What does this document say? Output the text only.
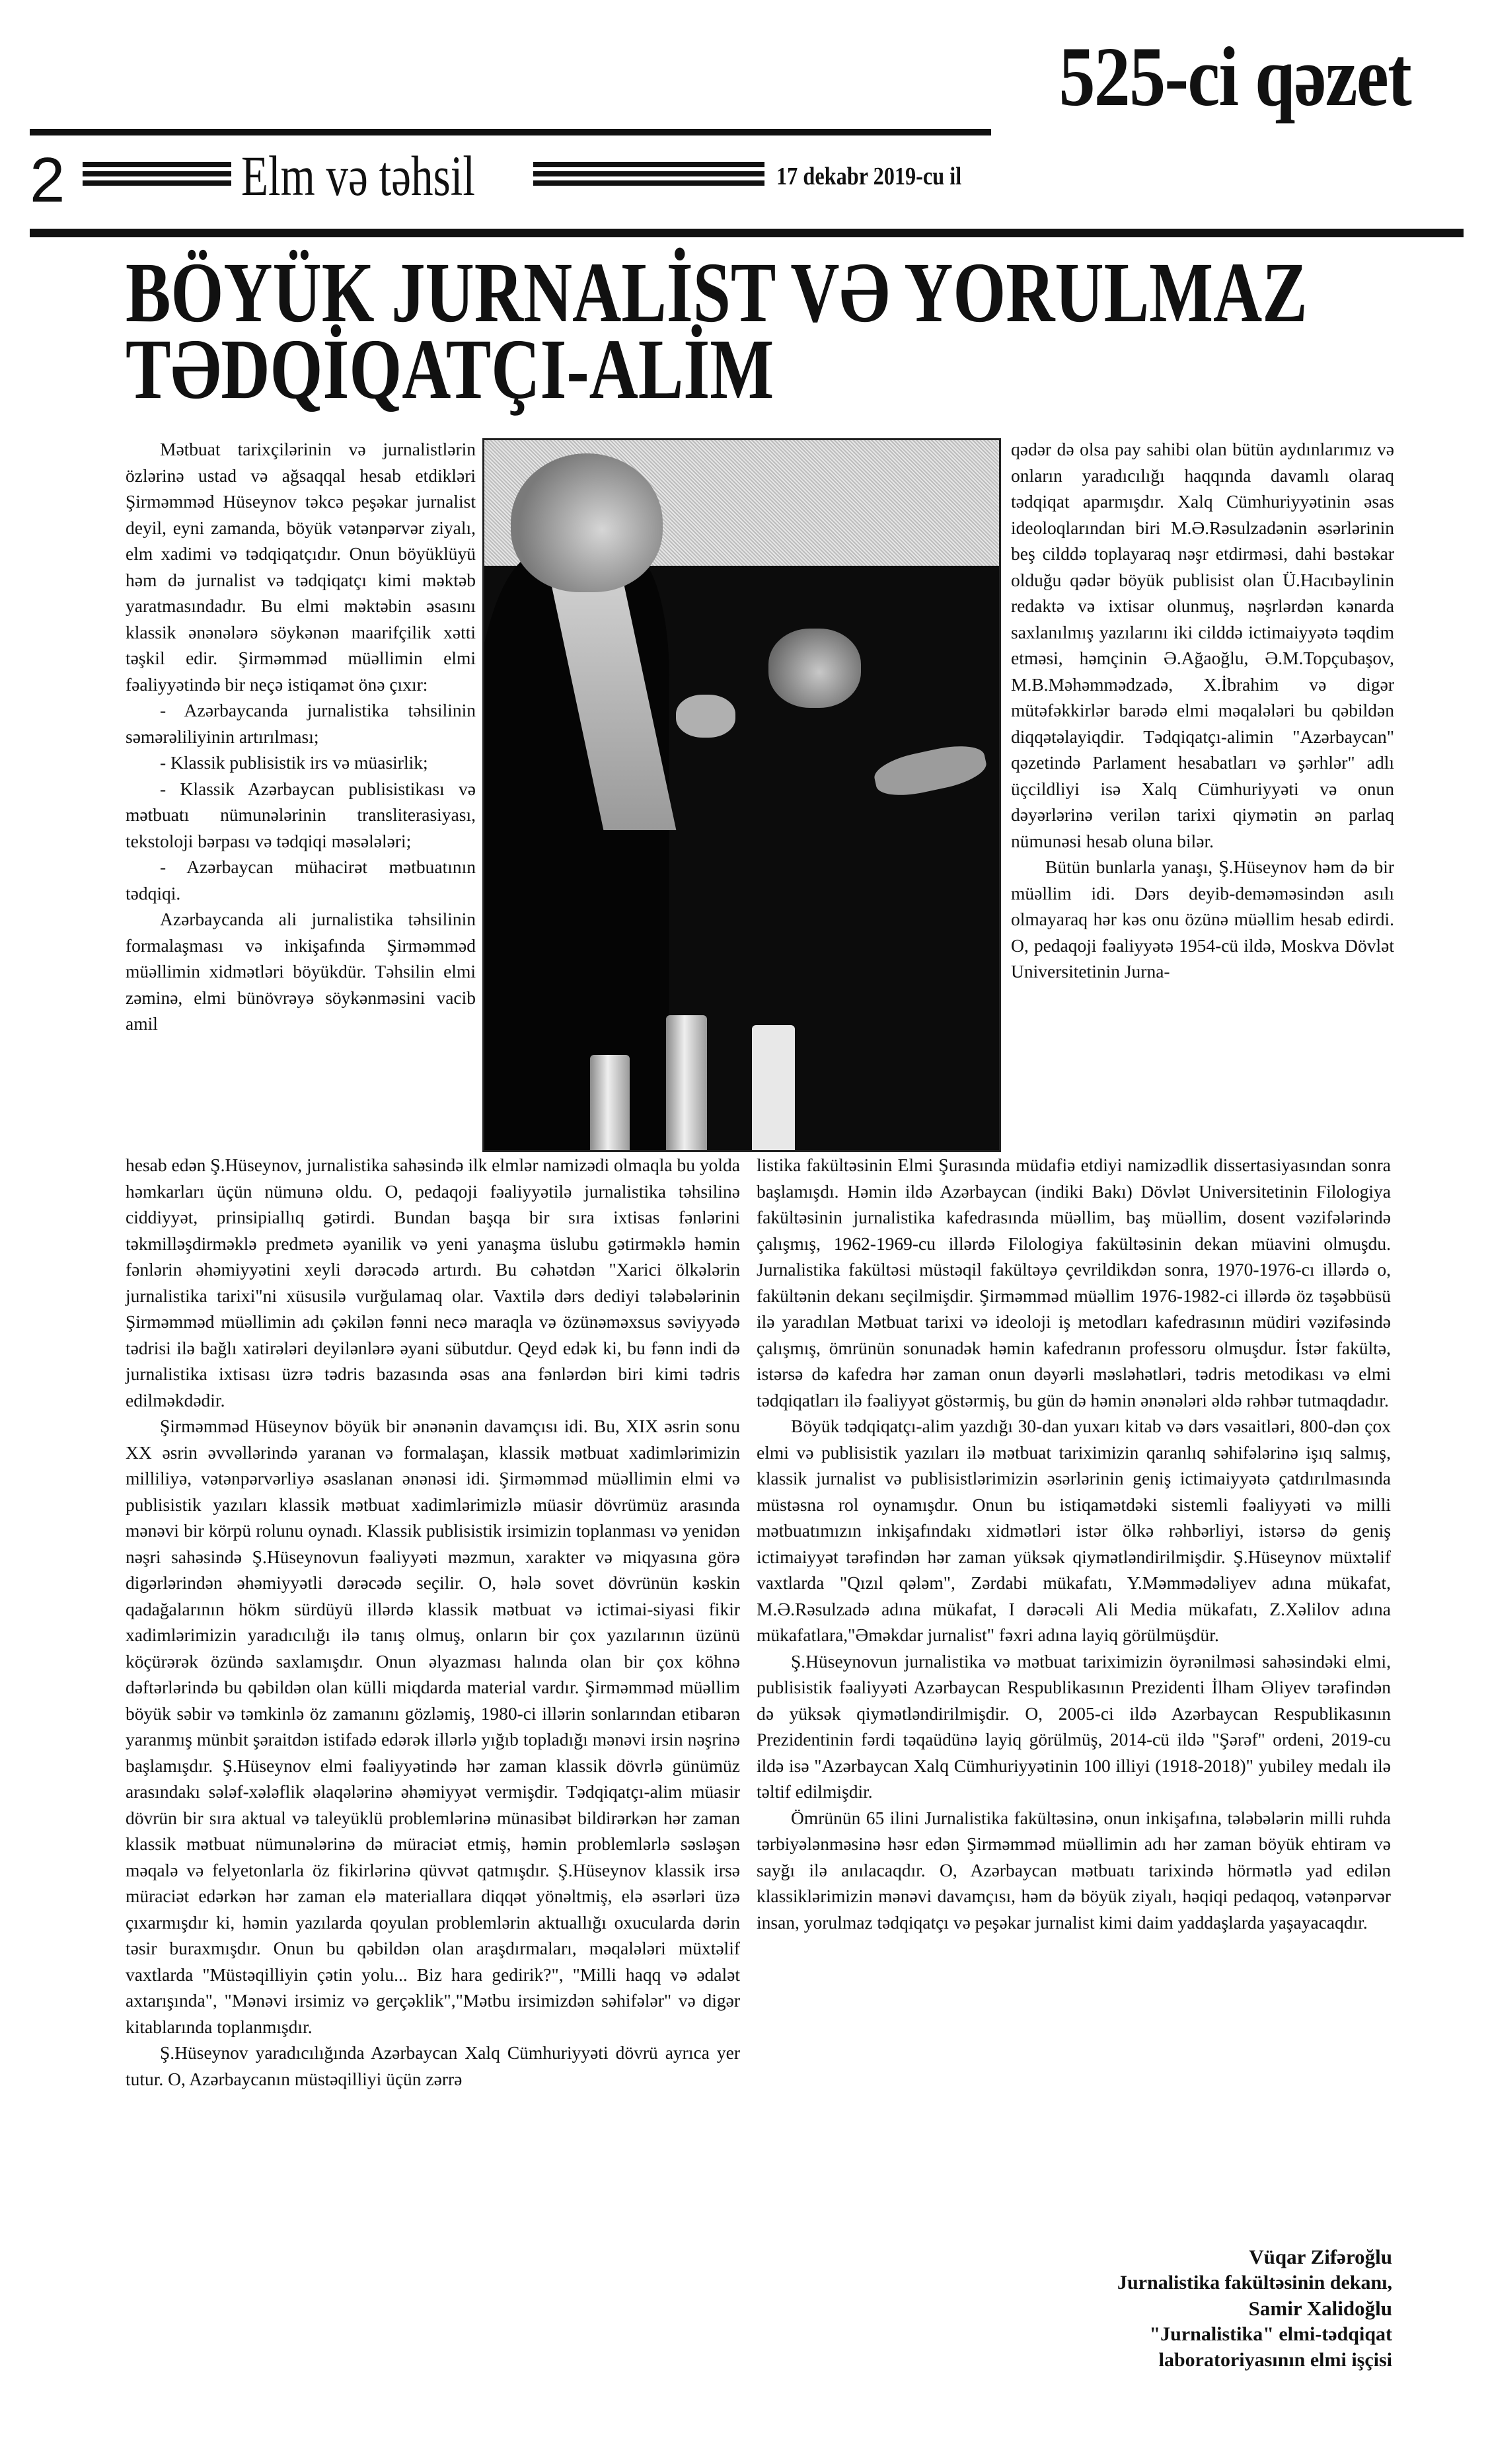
525-ci qəzet
2	Elm və təhsil	17 dekabr 2019-cu il
BÖYÜK JURNALİST VƏ YORULMAZ
TƏDQİQATÇI-ALİM

Mətbuat tarixçilərinin və jurnalistlərin özlərinə ustad və ağsaqqal hesab etdikləri Şirməmməd Hüseynov təkcə peşəkar jurnalist deyil, eyni zamanda, böyük vətənpərvər ziyalı, elm xadimi və tədqiqatçıdır. Onun böyüklüyü həm də jurnalist və tədqiqatçı kimi məktəb yaratmasındadır. Bu elmi məktəbin əsasını klassik ənənələrə söykənən maarifçilik xətti təşkil edir. Şirməmməd müəllimin elmi fəaliyyətində bir neçə istiqamət önə çıxır:

- Azərbaycanda jurnalistika təhsilinin səmərəliliyinin artırılması;

- Klassik publisistik irs və müasirlik;

- Klassik Azərbaycan publisistikası və mətbuatı nümunələrinin transliterasiyası, tekstoloji bərpası və tədqiqi məsələləri;

- Azərbaycan mühacirət mətbuatının tədqiqi.

Azərbaycanda ali jurnalistika təhsilinin formalaşması və inkişafında Şirməmməd müəllimin xidmətləri böyükdür. Təhsilin elmi zəminə, elmi bünövrəyə söykənməsini vacib amil

qədər də olsa pay sahibi olan bütün aydınlarımız və onların yaradıcılığı haqqında davamlı olaraq tədqiqat aparmışdır. Xalq Cümhuriyyətinin əsas ideoloqlarından biri M.Ə.Rəsulzadənin əsərlərinin beş cilddə toplayaraq nəşr etdirməsi, dahi bəstəkar olduğu qədər böyük publisist olan Ü.Hacıbəylinin redaktə və ixtisar olunmuş, nəşrlərdən kənarda saxlanılmış yazılarını iki cilddə ictimaiyyətə təqdim etməsi, həmçinin Ə.Ağaoğlu, Ə.M.Topçubaşov, M.B.Məhəmmədzadə, X.İbrahim və digər mütəfəkkirlər barədə elmi məqalələri bu qəbildən diqqətəlayiqdir. Tədqiqatçı-alimin "Azərbaycan" qəzetində Parlament hesabatları və şərhlər" adlı üçcildliyi isə Xalq Cümhuriyyəti və onun dəyərlərinə verilən tarixi qiymətin ən parlaq nümunəsi hesab oluna bilər.

Bütün bunlarla yanaşı, Ş.Hüseynov həm də bir müəllim idi. Dərs deyib-deməməsindən asılı olmayaraq hər kəs onu özünə müəllim hesab edirdi. O, pedaqoji fəaliyyətə 1954-cü ildə, Moskva Dövlət Universitetinin Jurna-

hesab edən Ş.Hüseynov, jurnalistika sahəsində ilk elmlər namizədi olmaqla bu yolda həmkarları üçün nümunə oldu. O, pedaqoji fəaliyyətilə jurnalistika təhsilinə ciddiyyət, prinsipiallıq gətirdi. Bundan başqa bir sıra ixtisas fənlərini təkmilləşdirməklə predmetə əyanilik və yeni yanaşma üslubu gətirməklə həmin fənlərin əhəmiyyətini xeyli dərəcədə artırdı. Bu cəhətdən "Xarici ölkələrin jurnalistika tarixi"ni xüsusilə vurğulamaq olar. Vaxtilə dərs dediyi tələbələrinin Şirməmməd müəllimin adı çəkilən fənni necə maraqla və özünəməxsus səviyyədə tədrisi ilə bağlı xatirələri deyilənlərə əyani sübutdur. Qeyd edək ki, bu fənn indi də jurnalistika ixtisası üzrə tədris bazasında əsas ana fənlərdən biri kimi tədris edilməkdədir.

Şirməmməd Hüseynov böyük bir ənənənin davamçısı idi. Bu, XIX əsrin sonu XX əsrin əvvəllərində yaranan və formalaşan, klassik mətbuat xadimlərimizin milliliyə, vətənpərvərliyə əsaslanan ənənəsi idi. Şirməmməd müəllimin elmi və publisistik yazıları klassik mətbuat xadimlərimizlə müasir dövrümüz arasında mənəvi bir körpü rolunu oynadı. Klassik publisistik irsimizin toplanması və yenidən nəşri sahəsində Ş.Hüseynovun fəaliyyəti məzmun, xarakter və miqyasına görə digərlərindən əhəmiyyətli dərəcədə seçilir. O, hələ sovet dövrünün kəskin qadağalarının hökm sürdüyü illərdə klassik mətbuat və ictimai-siyasi fikir xadimlərimizin yaradıcılığı ilə tanış olmuş, onların bir çox yazılarının üzünü köçürərək özündə saxlamışdır. Onun əlyazması halında olan bir çox köhnə dəftərlərində bu qəbildən olan külli miqdarda material vardır. Şirməmməd müəllim böyük səbir və təmkinlə öz zamanını gözləmiş, 1980-ci illərin sonlarından etibarən yaranmış münbit şəraitdən istifadə edərək illərlə yığıb topladığı mənəvi irsin nəşrinə başlamışdır. Ş.Hüseynov elmi fəaliyyətində hər zaman klassik dövrlə günümüz arasındakı sələf-xələflik əlaqələrinə əhəmiyyət vermişdir. Tədqiqatçı-alim müasir dövrün bir sıra aktual və taleyüklü problemlərinə münasibət bildirərkən hər zaman klassik mətbuat nümunələrinə də müraciət etmiş, həmin problemlərlə səsləşən məqalə və felyetonlarla öz fikirlərinə qüvvət qatmışdır. Ş.Hüseynov klassik irsə müraciət edərkən hər zaman elə materiallara diqqət yönəltmiş, elə əsərləri üzə çıxarmışdır ki, həmin yazılarda qoyulan problemlərin aktuallığı oxucularda dərin təsir buraxmışdır. Onun bu qəbildən olan araşdırmaları, məqalələri müxtəlif vaxtlarda "Müstəqilliyin çətin yolu... Biz hara gedirik?", "Milli haqq və ədalət axtarışında", "Mənəvi irsimiz və gerçəklik","Mətbu irsimizdən səhifələr" və digər kitablarında toplanmışdır.

Ş.Hüseynov yaradıcılığında Azərbaycan Xalq Cümhuriyyəti dövrü ayrıca yer tutur. O, Azərbaycanın müstəqilliyi üçün zərrə

listika fakültəsinin Elmi Şurasında müdafiə etdiyi namizədlik dissertasiyasından sonra başlamışdı. Həmin ildə Azərbaycan (indiki Bakı) Dövlət Universitetinin Filologiya fakültəsinin jurnalistika kafedrasında müəllim, baş müəllim, dosent vəzifələrində çalışmış, 1962-1969-cu illərdə Filologiya fakültəsinin dekan müavini olmuşdu. Jurnalistika fakültəsi müstəqil fakültəyə çevrildikdən sonra, 1970-1976-cı illərdə o, fakültənin dekanı seçilmişdir. Şirməmməd müəllim 1976-1982-ci illərdə öz təşəbbüsü ilə yaradılan Mətbuat tarixi və ideoloji iş metodları kafedrasının müdiri vəzifəsində çalışmış, ömrünün sonunadək həmin kafedranın professoru olmuşdur. İstər fakültə, istərsə də kafedra hər zaman onun dəyərli məsləhətləri, tədris metodikası və elmi tədqiqatları ilə fəaliyyət göstərmiş, bu gün də həmin ənənələri əldə rəhbər tutmaqdadır.

Böyük tədqiqatçı-alim yazdığı 30-dan yuxarı kitab və dərs vəsaitləri, 800-dən çox elmi və publisistik yazıları ilə mətbuat tariximizin qaranlıq səhifələrinə işıq salmış, klassik jurnalist və publisistlərimizin əsərlərinin geniş ictimaiyyətə çatdırılmasında müstəsna rol oynamışdır. Onun bu istiqamətdəki sistemli fəaliyyəti və milli mətbuatımızın inkişafındakı xidmətləri istər ölkə rəhbərliyi, istərsə də geniş ictimaiyyət tərəfindən hər zaman yüksək qiymətləndirilmişdir. Ş.Hüseynov müxtəlif vaxtlarda "Qızıl qələm", Zərdabi mükafatı, Y.Məmmədəliyev adına mükafat, M.Ə.Rəsulzadə adına mükafat, I dərəcəli Ali Media mükafatı, Z.Xəlilov adına mükafatlara,"Əməkdar jurnalist" fəxri adına layiq görülmüşdür.

Ş.Hüseynovun jurnalistika və mətbuat tariximizin öyrənilməsi sahəsindəki elmi, publisistik fəaliyyəti Azərbaycan Respublikasının Prezidenti İlham Əliyev tərəfindən də yüksək qiymətləndirilmişdir. O, 2005-ci ildə Azərbaycan Respublikasının Prezidentinin fərdi təqaüdünə layiq görülmüş, 2014-cü ildə "Şərəf" ordeni, 2019-cu ildə isə "Azərbaycan Xalq Cümhuriyyətinin 100 illiyi (1918-2018)" yubiley medalı ilə təltif edilmişdir.

Ömrünün 65 ilini Jurnalistika fakültəsinə, onun inkişafına, tələbələrin milli ruhda tərbiyələnməsinə həsr edən Şirməmməd müəllimin adı hər zaman böyük ehtiram və sayğı ilə anılacaqdır. O, Azərbaycan mətbuatı tarixində hörmətlə yad edilən klassiklərimizin mənəvi davamçısı, həm də böyük ziyalı, həqiqi pedaqoq, vətənpərvər insan, yorulmaz tədqiqatçı və peşəkar jurnalist kimi daim yaddaşlarda yaşayacaqdır.

Vüqar Zifəroğlu
Jurnalistika fakültəsinin dekanı,
Samir Xalidoğlu
"Jurnalistika" elmi-tədqiqat
laboratoriyasının elmi işçisi
